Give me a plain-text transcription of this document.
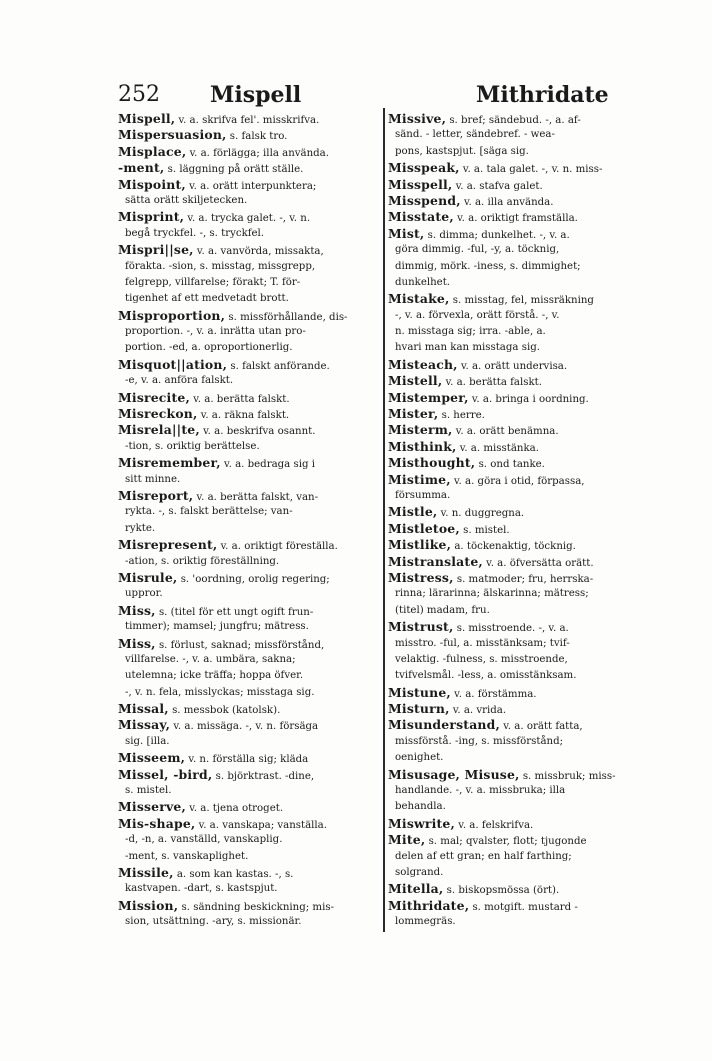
252 Mispell	Mithridate
Mispell, v. a. skrifva fel'. misskrifva.
Mispersuasion, s. falsk tro.
Misplace, v. a. förlägga; illa använda.
-ment, s. läggning på orätt ställe.
Mispoint, v. a. orätt interpunktera;
sätta orätt skiljetecken.
Misprint, v. a. trycka galet. -, v. n.
begå tryckfel. -, s. tryckfel.
Mispri||se, v. a. vanvörda, missakta,
förakta. -sion, s. misstag, missgrepp,
felgrepp, villfarelse; förakt; T. för-
tigenhet af ett medvetadt brott.
Misproportion, s. missförhållande, dis-
proportion. -, v. a. inrätta utan pro-
portion. -ed, a. oproportionerlig.
Misquot||ation, s. falskt anförande.
-e, v. a. anföra falskt.
Misrecite, v. a. berätta falskt.
Misreckon, v. a. räkna falskt.
Misrela||te, v. a. beskrifva osannt.
-tion, s. oriktig berättelse.
Misremember, v. a. bedraga sig i
sitt minne.
Misreport, v. a. berätta falskt, van-
rykta. -, s. falskt berättelse; van-
ryktе.
Misrepresent, v. a. oriktigt föreställa.
-ation, s. oriktig föreställning.
Misrule, s. 'oordning, orolig regering;
uppror.
Miss, s. (titel för ett ungt ogift frun-
timmer); mamsel; jungfru; mätress.
Miss, s. förlust, saknad; missförstånd,
villfarelse. -, v. a. umbära, sakna;
utelemna; icke träffa; hoppa öfver.
-, v. n. fela, misslyckas; misstaga sig.
Missal, s. messbok (katolsk).
Missay, v. a. missäga. -, v. n. försäga
sig. [illa.
Misseem, v. n. förställa sig; kläda
Missel, -bird, s. björktrast. -dine,
s. mistel.
Misserve, v. a. tjena otroget.
Mis-shape, v. a. vanskapa; vanställa.
-d, -n, a. vanställd, vanskaplig.
-ment, s. vanskaplighet.
Missile, a. som kan kastas. -, s.
kastvapen. -dart, s. kastspjut.
Mission, s. sändning beskickning; mis-
sion, utsättning. -ary, s. missionär.
Missive, s. bref; sändebud. -, a. af-
sänd. - letter, sändebref. - wea-
pons, kastspjut. [säga sig.
Misspeak, v. a. tala galet. -, v. n. miss-
Misspell, v. a. stafva galet.
Misspend, v. a. illa använda.
Misstate, v. a. oriktigt framställa.
Mist, s. dimma; dunkelhet. -, v. a.
göra dimmig. -ful, -y, a. töcknig,
dimmig, mörk. -iness, s. dimmighet;
dunkelhet.
Mistake, s. misstag, fel, missräkning
-, v. a. förvexla, orätt förstå. -, v.
n. misstaga sig; irra. -able, a.
hvari man kan misstaga sig.
Misteach, v. a. orätt undervisa.
Mistell, v. a. berätta falskt.
Mistemper, v. a. bringa i oordning.
Mister, s. herre.
Misterm, v. a. orätt benämna.
Misthink, v. a. misstänka.
Misthought, s. ond tanke.
Mistime, v. a. göra i otid, förpassa,
försumma.
Mistle, v. n. duggregna.
Mistletoe, s. mistel.
Mistlike, a. töckenaktig, töcknig.
Mistranslate, v. a. öfversätta orätt.
Mistress, s. matmoder; fru, herrska-
rinna; lärarinna; älskarinna; mätress;
(titel) madam, fru.
Mistrust, s. misstroende. -, v. a.
misstro. -ful, a. misstänksam; tvif-
velaktig. -fulness, s. misstroende,
tvifvelsmål. -less, a. omisstänksam.
Mistune, v. a. förstämma.
Misturn, v. a. vrida.
Misunderstand, v. a. orätt fatta,
missförstå. -ing, s. missförstånd;
oenighet.
Misusage, Misuse, s. missbruk; miss-
handlande. -, v. a. missbruka; illa
behandla.
Miswrite, v. a. felskrifva.
Mite, s. mal; qvalster, flott; tjugonde
delen af ett gran; en half farthing;
solgrand.
Mitella, s. biskopsmössa (ört).
Mithridate, s. motgift. mustard -
lommegräs.
